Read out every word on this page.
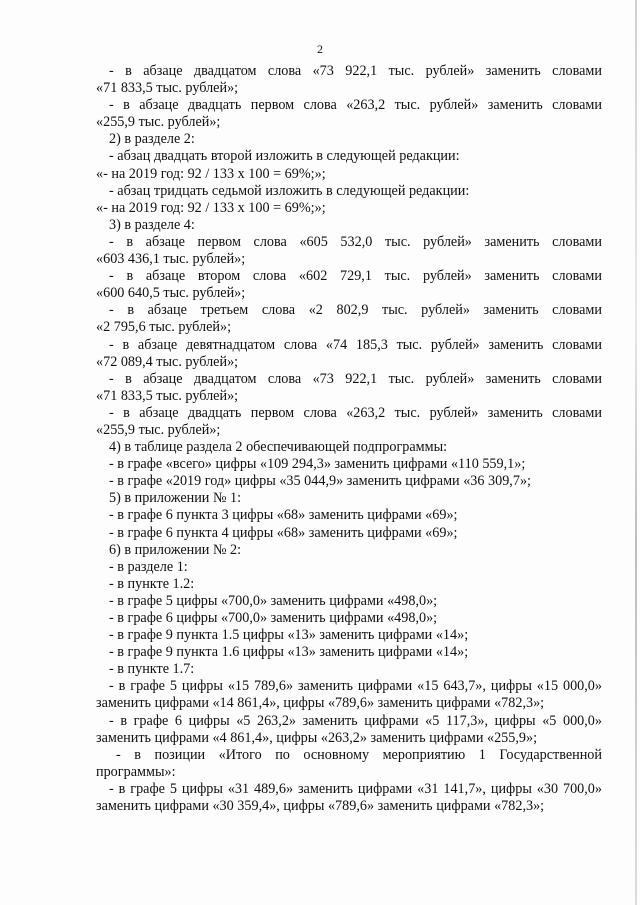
2
- в абзаце двадцатом слова «73 922,1 тыс. рублей» заменить словами
«71 833,5 тыс. рублей»;
- в абзаце двадцать первом слова «263,2 тыс. рублей» заменить словами
«255,9 тыс. рублей»;
2) в разделе 2:
- абзац двадцать второй изложить в следующей редакции:
«- на 2019 год: 92 / 133 х 100 = 69%;»;
- абзац тридцать седьмой изложить в следующей редакции:
«- на 2019 год: 92 / 133 х 100 = 69%;»;
3) в разделе 4:
- в абзаце первом слова «605 532,0 тыс. рублей» заменить словами
«603 436,1 тыс. рублей»;
- в абзаце втором слова «602 729,1 тыс. рублей» заменить словами
«600 640,5 тыс. рублей»;
- в абзаце третьем слова «2 802,9 тыс. рублей» заменить словами
«2 795,6 тыс. рублей»;
- в абзаце девятнадцатом слова «74 185,3 тыс. рублей» заменить словами
«72 089,4 тыс. рублей»;
- в абзаце двадцатом слова «73 922,1 тыс. рублей» заменить словами
«71 833,5 тыс. рублей»;
- в абзаце двадцать первом слова «263,2 тыс. рублей» заменить словами
«255,9 тыс. рублей»;
4) в таблице раздела 2 обеспечивающей подпрограммы:
- в графе «всего» цифры «109 294,3» заменить цифрами «110 559,1»;
- в графе «2019 год» цифры «35 044,9» заменить цифрами «36 309,7»;
5) в приложении № 1:
- в графе 6 пункта 3 цифры «68» заменить цифрами «69»;
- в графе 6 пункта 4 цифры «68» заменить цифрами «69»;
6) в приложении № 2:
- в разделе 1:
- в пункте 1.2:
- в графе 5 цифры «700,0» заменить цифрами «498,0»;
- в графе 6 цифры «700,0» заменить цифрами «498,0»;
- в графе 9 пункта 1.5 цифры «13» заменить цифрами «14»;
- в графе 9 пункта 1.6 цифры «13» заменить цифрами «14»;
- в пункте 1.7:
- в графе 5 цифры «15 789,6» заменить цифрами «15 643,7», цифры «15 000,0»
заменить цифрами «14 861,4», цифры «789,6» заменить цифрами «782,3»;
- в графе 6 цифры «5 263,2» заменить цифрами «5 117,3», цифры «5 000,0»
заменить цифрами «4 861,4», цифры «263,2» заменить цифрами «255,9»;
- в позиции «Итого по основному мероприятию 1 Государственной
программы»:
- в графе 5 цифры «31 489,6» заменить цифрами «31 141,7», цифры «30 700,0»
заменить цифрами «30 359,4», цифры «789,6» заменить цифрами «782,3»;
